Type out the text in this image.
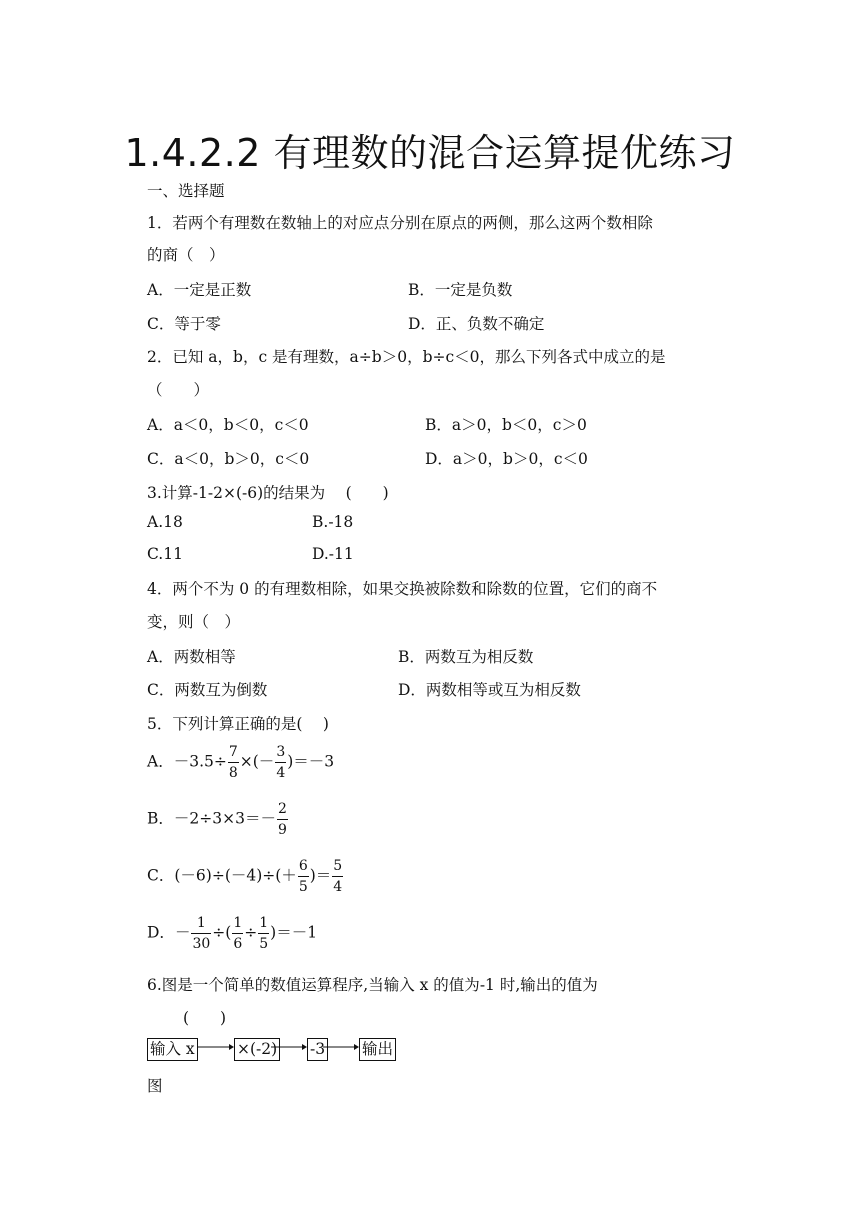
1.4.2.2 有理数的混合运算提优练习
一、选择题
1．若两个有理数在数轴上的对应点分别在原点的两侧，那么这两个数相除
的商（　）
A．一定是正数	B．一定是负数
C．等于零	D．正、负数不确定
2．已知 a，b，c 是有理数，a÷b＞0，b÷c＜0，那么下列各式中成立的是
（　　）
A．a＜0，b＜0，c＜0	B．a＞0，b＜0，c＞0
C．a＜0，b＞0，c＜0	D．a＞0，b＞0，c＜0
3.计算-1-2×(-6)的结果为　 (　　)
A.18	B.-18
C.11	D.-11
4．两个不为 0 的有理数相除，如果交换被除数和除数的位置，它们的商不
变，则（　）
A．两数相等	B．两数互为相反数
C．两数互为倒数	D．两数相等或互为相反数
5．下列计算正确的是(　 )
A．$-3.5\div \frac{7}{8}$ ×(－ $\frac{3}{4} )=-3$
B．$-2\div 3\times 3=- \frac{2}{9}$
C．$(-6)\div(-4)\div(+ \frac{6}{5}$ )＝ $\frac{5}{4}$
D．－ $\frac{1}{30}$ ÷( $\frac{1}{6} \div \frac{1}{5} )=-1$
6.图是一个简单的数值运算程序,当输入 x 的值为-1 时,输出的值为
(　　)
输入 x	×(-2) -3 输出
图
